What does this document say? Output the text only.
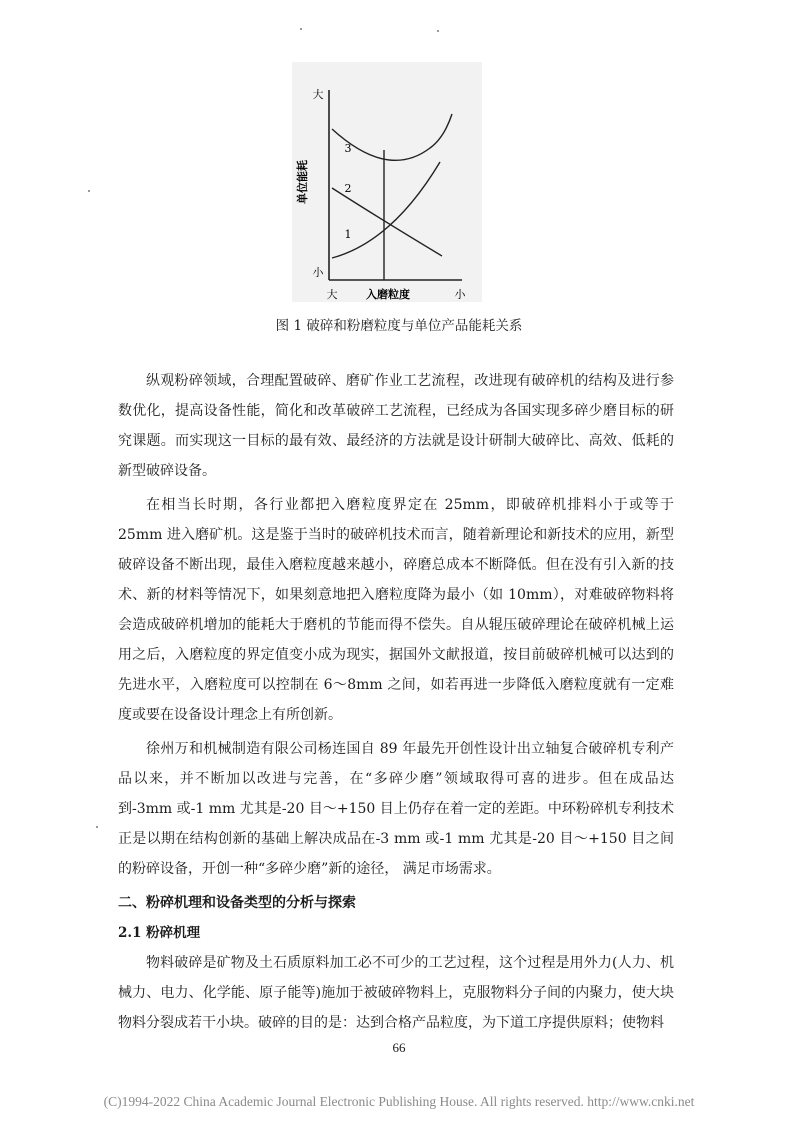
大
小
单位能耗
3
2
1
大	入磨粒度	小
图 1 破碎和粉磨粒度与单位产品能耗关系

纵观粉碎领域，合理配置破碎、磨矿作业工艺流程，改进现有破碎机的结构及进行参数优化，提高设备性能，简化和改革破碎工艺流程，已经成为各国实现多碎少磨目标的研究课题。而实现这一目标的最有效、最经济的方法就是设计研制大破碎比、高效、低耗的新型破碎设备。

在相当长时期，各行业都把入磨粒度界定在 25mm，即破碎机排料小于或等于 25mm 进入磨矿机。这是鉴于当时的破碎机技术而言，随着新理论和新技术的应用，新型破碎设备不断出现，最佳入磨粒度越来越小，碎磨总成本不断降低。但在没有引入新的技术、新的材料等情况下，如果刻意地把入磨粒度降为最小（如 10mm），对难破碎物料将会造成破碎机增加的能耗大于磨机的节能而得不偿失。自从辊压破碎理论在破碎机械上运用之后，入磨粒度的界定值变小成为现实，据国外文献报道，按目前破碎机械可以达到的先进水平，入磨粒度可以控制在 6～8mm 之间，如若再进一步降低入磨粒度就有一定难度或要在设备设计理念上有所创新。

徐州万和机械制造有限公司杨连国自 89 年最先开创性设计出立轴复合破碎机专利产品以来，并不断加以改进与完善，在“多碎少磨”领域取得可喜的进步。但在成品达到-3mm 或-1 mm 尤其是-20 目～+150 目上仍存在着一定的差距。中环粉碎机专利技术正是以期在结构创新的基础上解决成品在-3 mm 或-1 mm 尤其是-20 目～+150 目之间的粉碎设备，开创一种“多碎少磨”新的途径， 满足市场需求。

二、粉碎机理和设备类型的分析与探索
2.1 粉碎机理

物料破碎是矿物及土石质原料加工必不可少的工艺过程，这个过程是用外力(人力、机械力、电力、化学能、原子能等)施加于被破碎物料上，克服物料分子间的内聚力，使大块物料分裂成若干小块。破碎的目的是：达到合格产品粒度，为下道工序提供原料；使物料

66
(C)1994-2022 China Academic Journal Electronic Publishing House. All rights reserved. http://www.cnki.net
